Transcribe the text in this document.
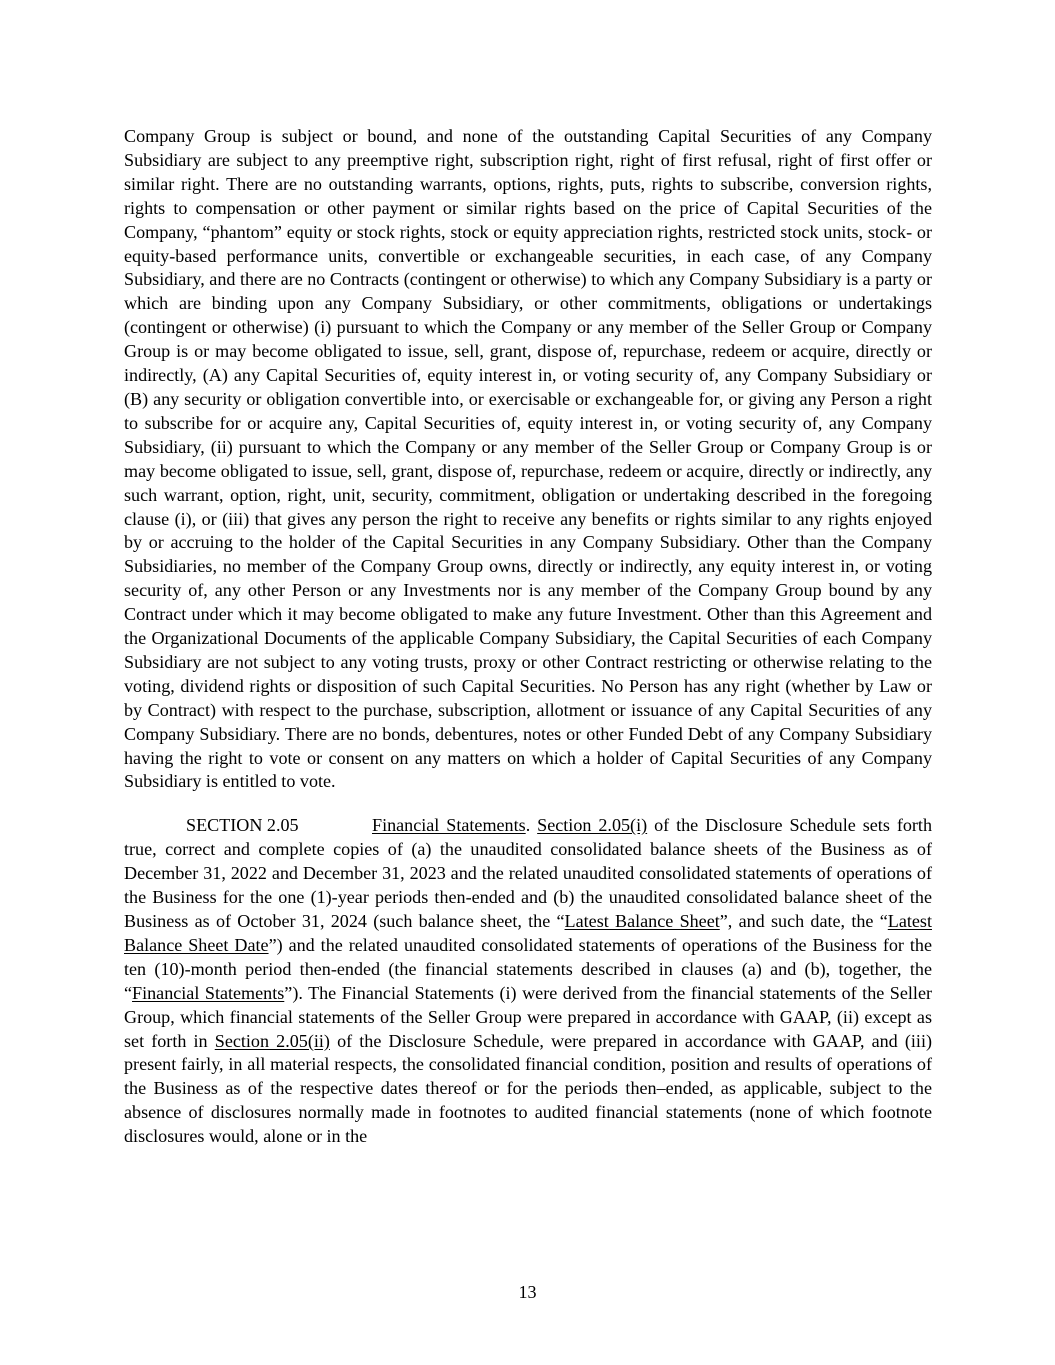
Company Group is subject or bound, and none of the outstanding Capital Securities of any Company Subsidiary are subject to any preemptive right, subscription right, right of first refusal, right of first offer or similar right. There are no outstanding warrants, options, rights, puts, rights to subscribe, conversion rights, rights to compensation or other payment or similar rights based on the price of Capital Securities of the Company, “phantom” equity or stock rights, stock or equity appreciation rights, restricted stock units, stock- or equity-based performance units, convertible or exchangeable securities, in each case, of any Company Subsidiary, and there are no Contracts (contingent or otherwise) to which any Company Subsidiary is a party or which are binding upon any Company Subsidiary, or other commitments, obligations or undertakings (contingent or otherwise) (i) pursuant to which the Company or any member of the Seller Group or Company Group is or may become obligated to issue, sell, grant, dispose of, repurchase, redeem or acquire, directly or indirectly, (A) any Capital Securities of, equity interest in, or voting security of, any Company Subsidiary or (B) any security or obligation convertible into, or exercisable or exchangeable for, or giving any Person a right to subscribe for or acquire any, Capital Securities of, equity interest in, or voting security of, any Company Subsidiary, (ii) pursuant to which the Company or any member of the Seller Group or Company Group is or may become obligated to issue, sell, grant, dispose of, repurchase, redeem or acquire, directly or indirectly, any such warrant, option, right, unit, security, commitment, obligation or undertaking described in the foregoing clause (i), or (iii) that gives any person the right to receive any benefits or rights similar to any rights enjoyed by or accruing to the holder of the Capital Securities in any Company Subsidiary. Other than the Company Subsidiaries, no member of the Company Group owns, directly or indirectly, any equity interest in, or voting security of, any other Person or any Investments nor is any member of the Company Group bound by any Contract under which it may become obligated to make any future Investment. Other than this Agreement and the Organizational Documents of the applicable Company Subsidiary, the Capital Securities of each Company Subsidiary are not subject to any voting trusts, proxy or other Contract restricting or otherwise relating to the voting, dividend rights or disposition of such Capital Securities. No Person has any right (whether by Law or by Contract) with respect to the purchase, subscription, allotment or issuance of any Capital Securities of any Company Subsidiary. There are no bonds, debentures, notes or other Funded Debt of any Company Subsidiary having the right to vote or consent on any matters on which a holder of Capital Securities of any Company Subsidiary is entitled to vote.

SECTION 2.05	Financial Statements. Section 2.05(i) of the Disclosure Schedule sets forth true, correct and complete copies of (a) the unaudited consolidated balance sheets of the Business as of December 31, 2022 and December 31, 2023 and the related unaudited consolidated statements of operations of the Business for the one (1)-year periods then-ended and (b) the unaudited consolidated balance sheet of the Business as of October 31, 2024 (such balance sheet, the “Latest Balance Sheet”, and such date, the “Latest Balance Sheet Date”) and the related unaudited consolidated statements of operations of the Business for the ten (10)-month period then-ended (the financial statements described in clauses (a) and (b), together, the “Financial Statements”). The Financial Statements (i) were derived from the financial statements of the Seller Group, which financial statements of the Seller Group were prepared in accordance with GAAP, (ii) except as set forth in Section 2.05(ii) of the Disclosure Schedule, were prepared in accordance with GAAP, and (iii) present fairly, in all material respects, the consolidated financial condition, position and results of operations of the Business as of the respective dates thereof or for the periods then–ended, as applicable, subject to the absence of disclosures normally made in footnotes to audited financial statements (none of which footnote disclosures would, alone or in the

13
